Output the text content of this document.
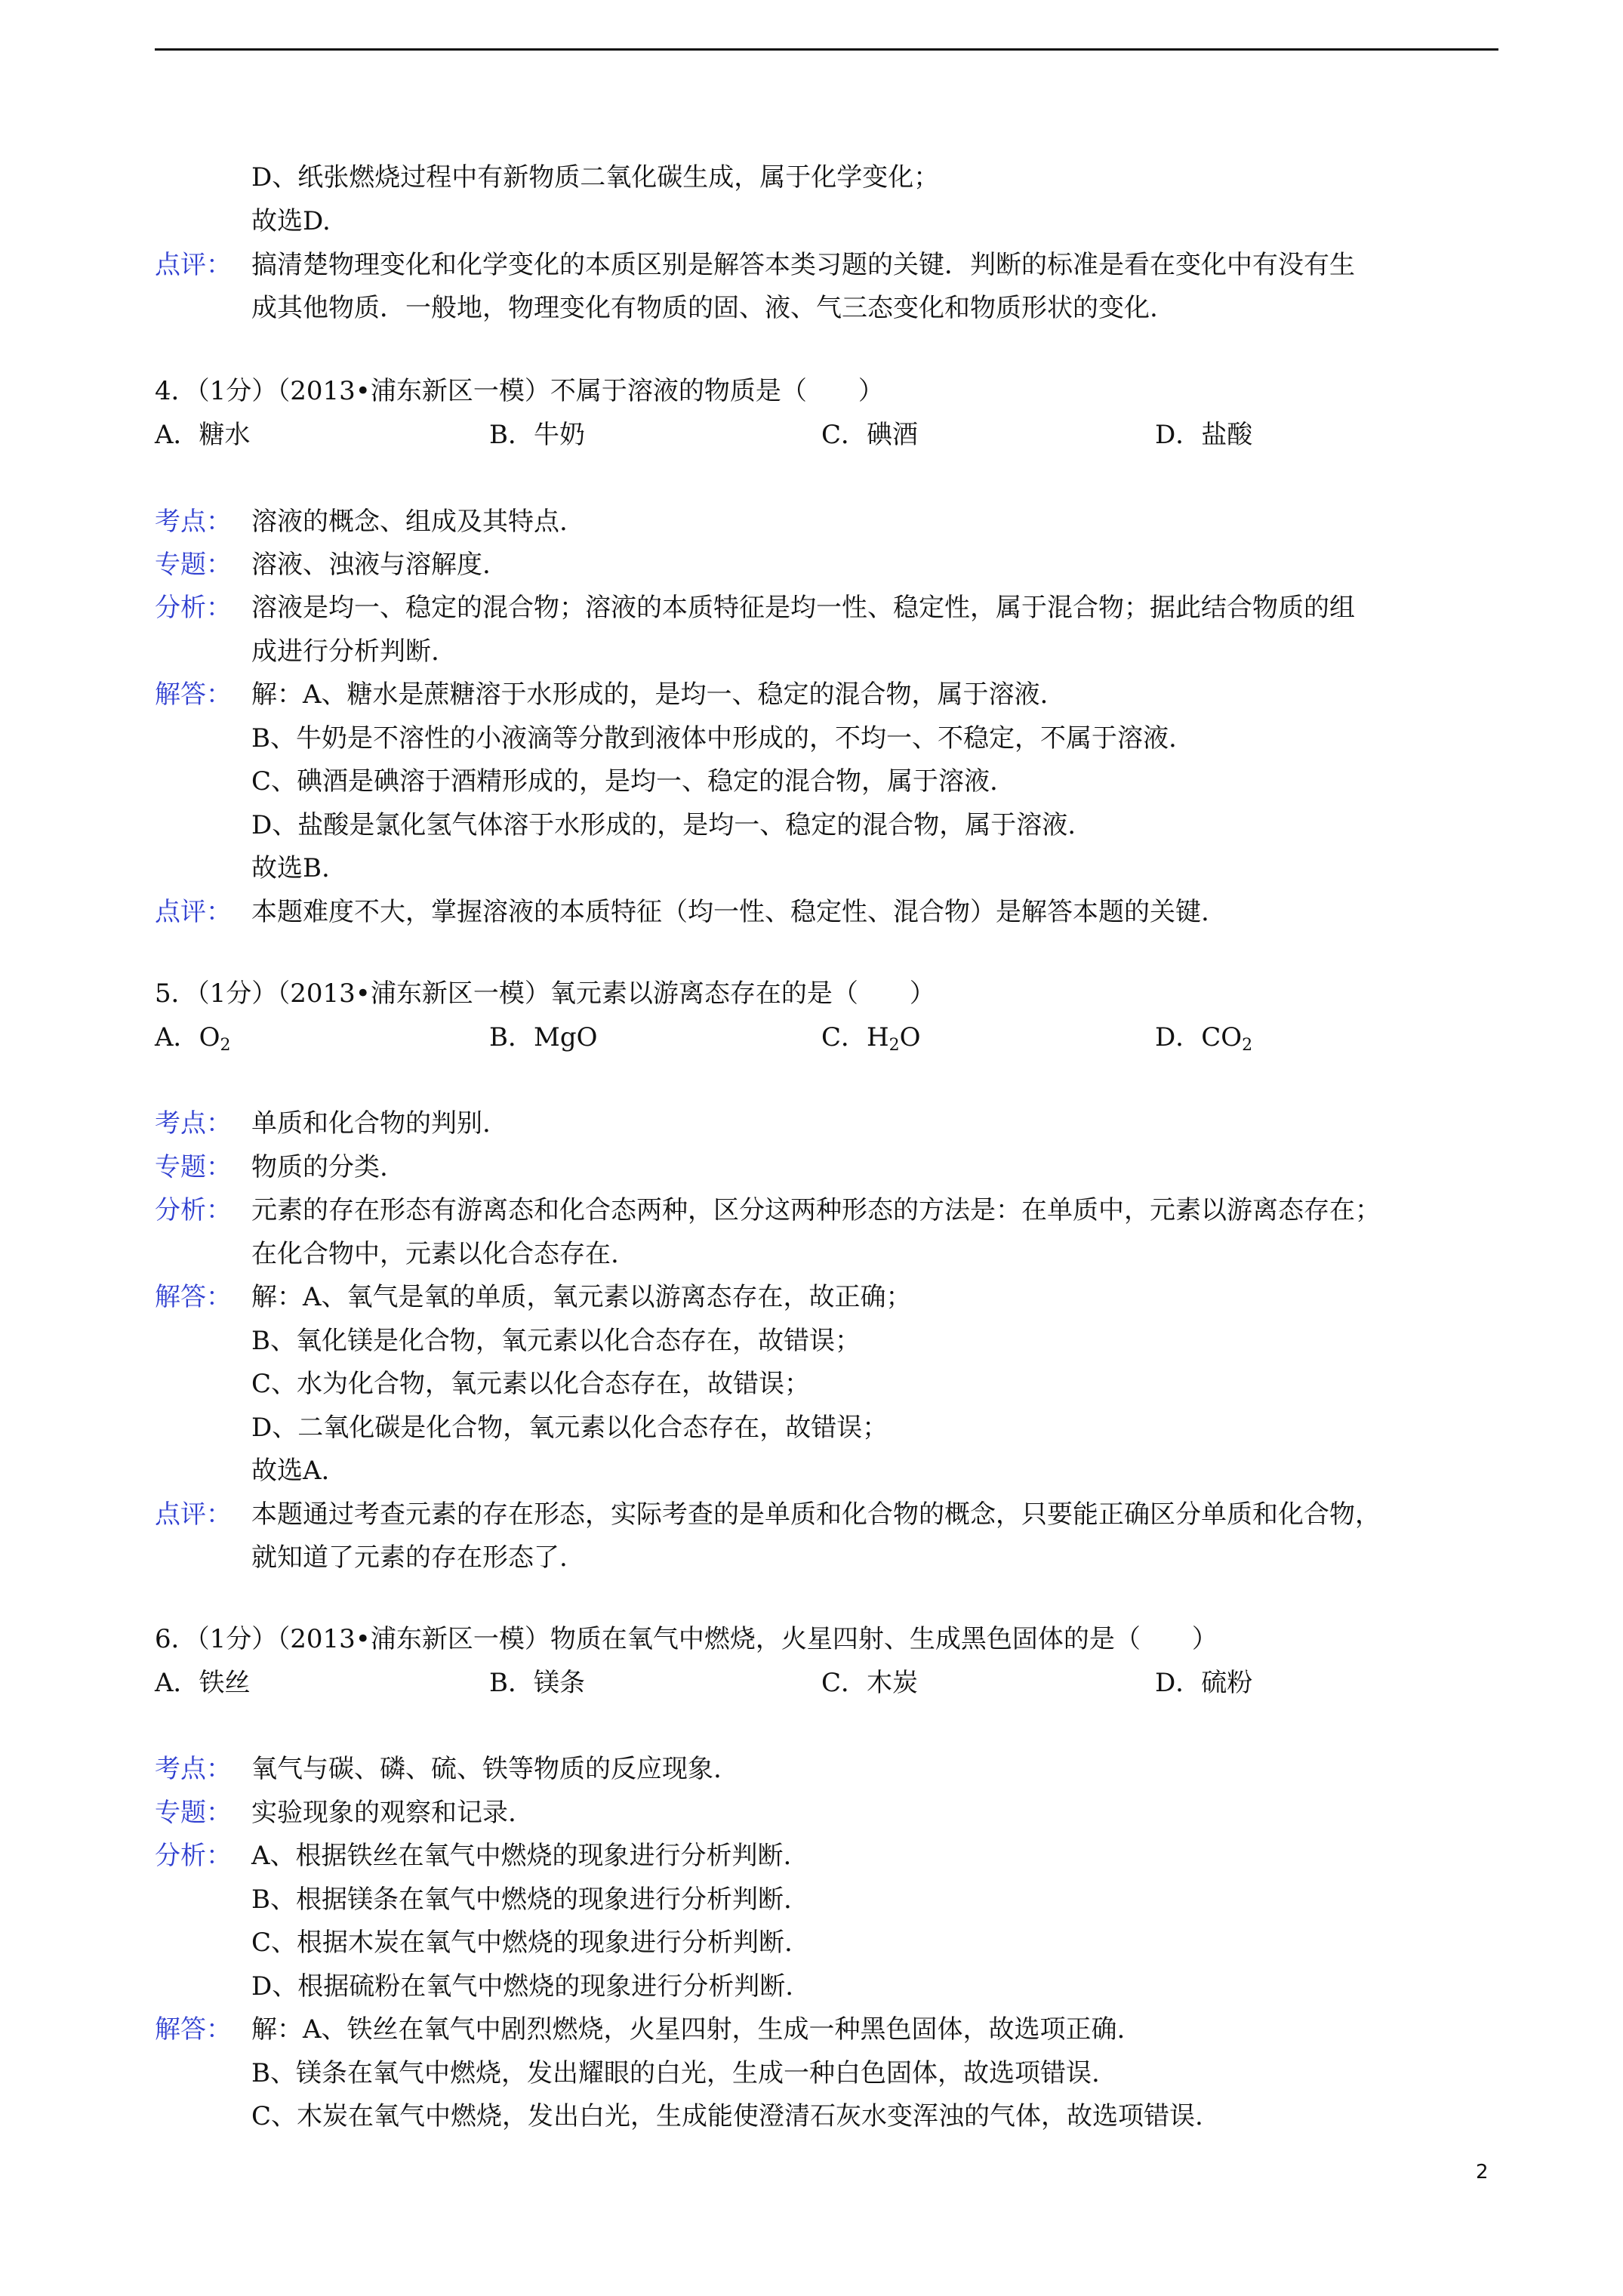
D、纸张燃烧过程中有新物质二氧化碳生成，属于化学变化；
故选D.
点评： 搞清楚物理变化和化学变化的本质区别是解答本类习题的关键．判断的标准是看在变化中有没有生
成其他物质．一般地，物理变化有物质的固、液、气三态变化和物质形状的变化.
4．（1分）（2013•浦东新区一模）不属于溶液的物质是（　　）
A．糖水	B．牛奶	C．碘酒	D．盐酸
考点： 溶液的概念、组成及其特点.
专题： 溶液、浊液与溶解度.
分析： 溶液是均一、稳定的混合物；溶液的本质特征是均一性、稳定性，属于混合物；据此结合物质的组
成进行分析判断.
解答： 解：A、糖水是蔗糖溶于水形成的，是均一、稳定的混合物，属于溶液.
B、牛奶是不溶性的小液滴等分散到液体中形成的，不均一、不稳定，不属于溶液.
C、碘酒是碘溶于酒精形成的，是均一、稳定的混合物，属于溶液.
D、盐酸是氯化氢气体溶于水形成的，是均一、稳定的混合物，属于溶液.
故选B.
点评： 本题难度不大，掌握溶液的本质特征（均一性、稳定性、混合物）是解答本题的关键.
5．（1分）（2013•浦东新区一模）氧元素以游离态存在的是（　　）
A．$O_2$	B．MgO	C．$H_2O$	D．$CO_2$
考点： 单质和化合物的判别.
专题： 物质的分类.
分析： 元素的存在形态有游离态和化合态两种，区分这两种形态的方法是：在单质中，元素以游离态存在；
在化合物中，元素以化合态存在.
解答： 解：A、氧气是氧的单质，氧元素以游离态存在，故正确；
B、氧化镁是化合物，氧元素以化合态存在，故错误；
C、水为化合物，氧元素以化合态存在，故错误；
D、二氧化碳是化合物，氧元素以化合态存在，故错误；
故选A.
点评： 本题通过考查元素的存在形态，实际考查的是单质和化合物的概念，只要能正确区分单质和化合物，
就知道了元素的存在形态了.
6．（1分）（2013•浦东新区一模）物质在氧气中燃烧，火星四射、生成黑色固体的是（　　）
A．铁丝	B．镁条	C．木炭	D．硫粉
考点： 氧气与碳、磷、硫、铁等物质的反应现象.
专题： 实验现象的观察和记录.
分析： A、根据铁丝在氧气中燃烧的现象进行分析判断.
B、根据镁条在氧气中燃烧的现象进行分析判断.
C、根据木炭在氧气中燃烧的现象进行分析判断.
D、根据硫粉在氧气中燃烧的现象进行分析判断.
解答： 解：A、铁丝在氧气中剧烈燃烧，火星四射，生成一种黑色固体，故选项正确.
B、镁条在氧气中燃烧，发出耀眼的白光，生成一种白色固体，故选项错误.
C、木炭在氧气中燃烧，发出白光，生成能使澄清石灰水变浑浊的气体，故选项错误.
2
